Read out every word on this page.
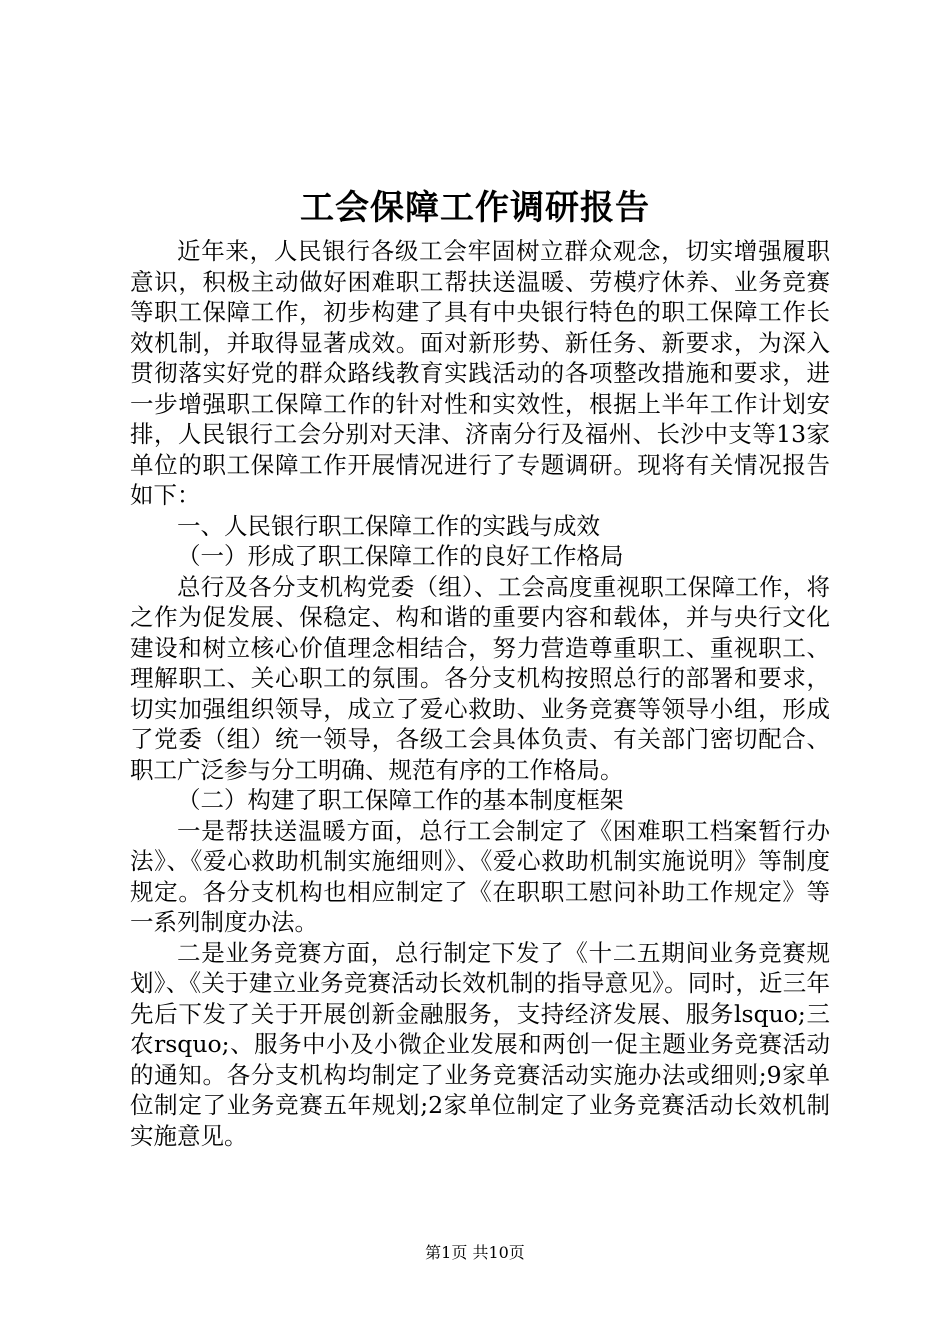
工会保障工作调研报告

近年来，人民银行各级工会牢固树立群众观念，切实增强履职意识，积极主动做好困难职工帮扶送温暖、劳模疗休养、业务竞赛等职工保障工作，初步构建了具有中央银行特色的职工保障工作长效机制，并取得显著成效。面对新形势、新任务、新要求，为深入贯彻落实好党的群众路线教育实践活动的各项整改措施和要求，进一步增强职工保障工作的针对性和实效性，根据上半年工作计划安排，人民银行工会分别对天津、济南分行及福州、长沙中支等13家单位的职工保障工作开展情况进行了专题调研。现将有关情况报告如下：

一、人民银行职工保障工作的实践与成效

（一）形成了职工保障工作的良好工作格局

总行及各分支机构党委（组）、工会高度重视职工保障工作，将之作为促发展、保稳定、构和谐的重要内容和载体，并与央行文化建设和树立核心价值理念相结合，努力营造尊重职工、重视职工、理解职工、关心职工的氛围。各分支机构按照总行的部署和要求，切实加强组织领导，成立了爱心救助、业务竞赛等领导小组，形成了党委（组）统一领导，各级工会具体负责、有关部门密切配合、职工广泛参与分工明确、规范有序的工作格局。

（二）构建了职工保障工作的基本制度框架

一是帮扶送温暖方面，总行工会制定了《困难职工档案暂行办法》、《爱心救助机制实施细则》、《爱心救助机制实施说明》等制度规定。各分支机构也相应制定了《在职职工慰问补助工作规定》等一系列制度办法。

二是业务竞赛方面，总行制定下发了《十二五期间业务竞赛规划》、《关于建立业务竞赛活动长效机制的指导意见》。同时，近三年先后下发了关于开展创新金融服务，支持经济发展、服务lsquo;三农rsquo;、服务中小及小微企业发展和两创一促主题业务竞赛活动的通知。各分支机构均制定了业务竞赛活动实施办法或细则;9家单位制定了业务竞赛五年规划;2家单位制定了业务竞赛活动长效机制实施意见。

第1页 共10页
